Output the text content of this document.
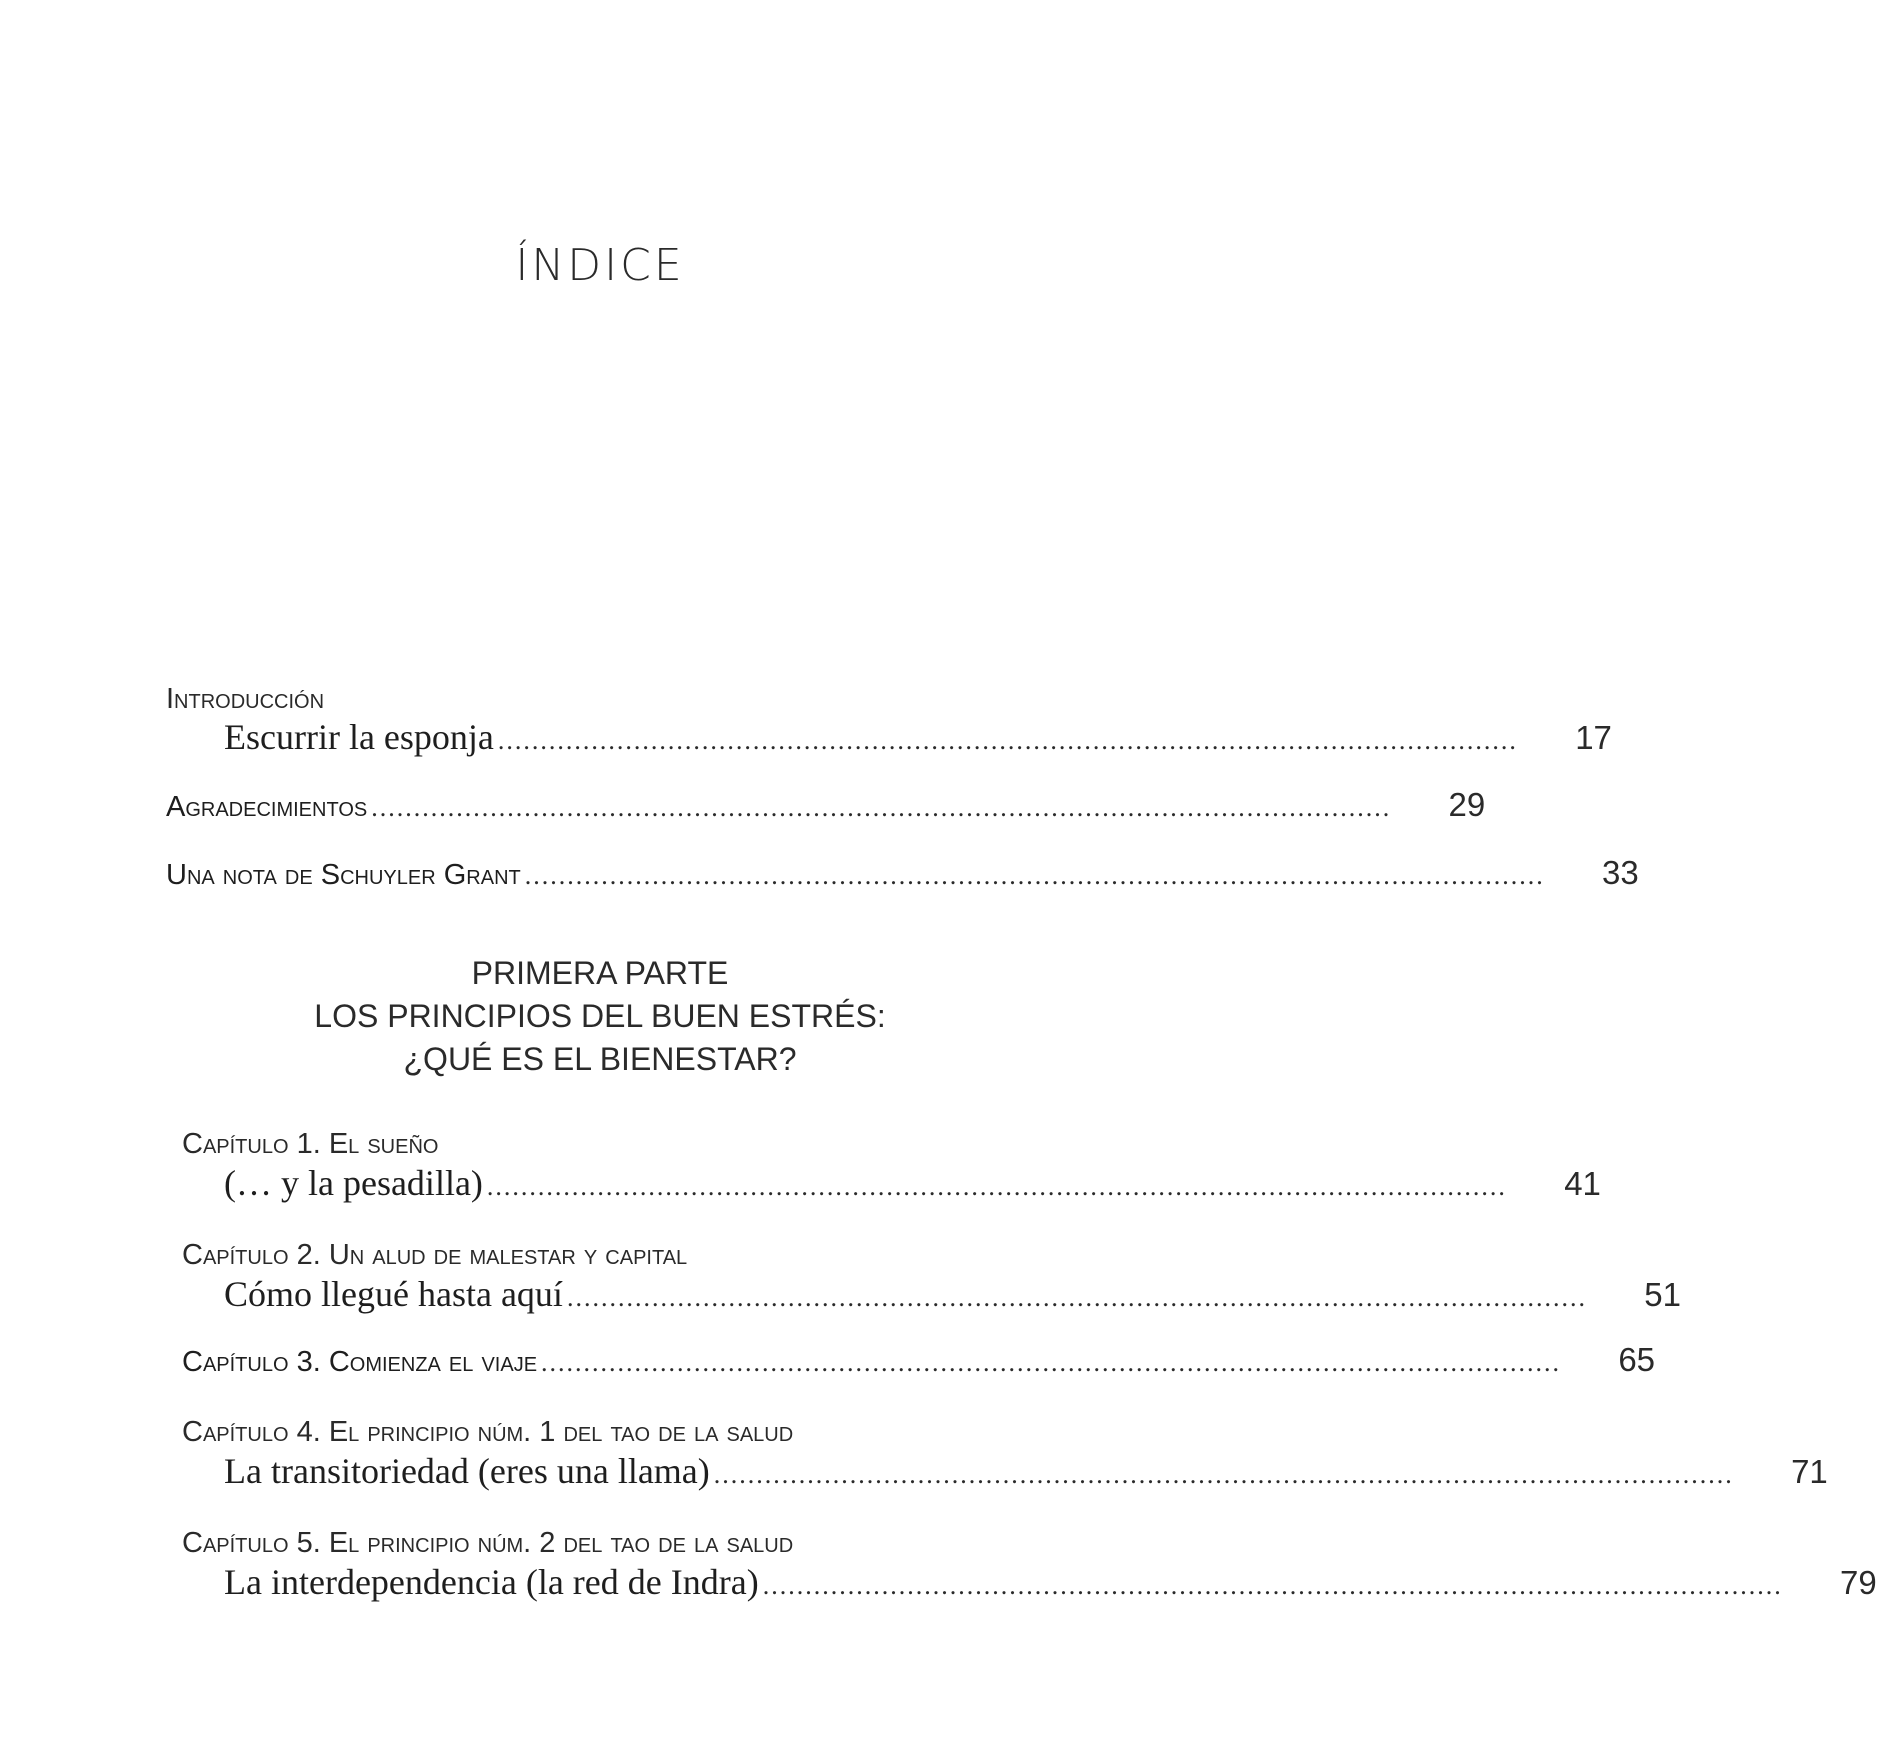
ÍNDICE
Introducción
Escurrir la esponja ........................................................................................................................	17
Agradecimientos ........................................................................................................................	29
Una nota de Schuyler Grant ........................................................................................................................	33
PRIMERA PARTE
LOS PRINCIPIOS DEL BUEN ESTRÉS:
¿QUÉ ES EL BIENESTAR?
Capítulo 1. El sueño
(… y la pesadilla) ........................................................................................................................	41
Capítulo 2. Un alud de malestar y capital
Cómo llegué hasta aquí ........................................................................................................................	51
Capítulo 3. Comienza el viaje ........................................................................................................................	65
Capítulo 4. El principio núm. 1 del tao de la salud
La transitoriedad (eres una llama) ........................................................................................................................	71
Capítulo 5. El principio núm. 2 del tao de la salud
La interdependencia (la red de Indra) ........................................................................................................................	79
